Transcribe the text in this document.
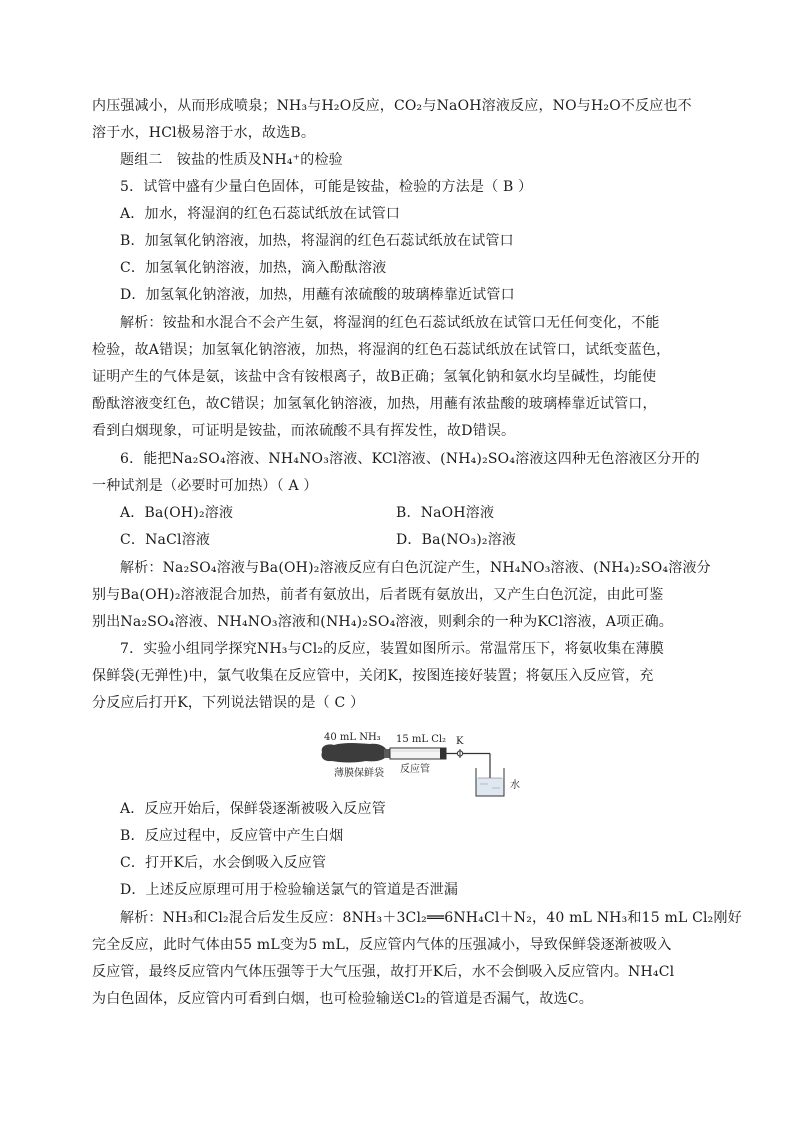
内压强减小，从而形成喷泉；NH₃与H₂O反应，CO₂与NaOH溶液反应，NO与H₂O不反应也不
溶于水，HCl极易溶于水，故选B。
题组二　铵盐的性质及NH₄⁺的检验
5．试管中盛有少量白色固体，可能是铵盐，检验的方法是（ B ）
A．加水，将湿润的红色石蕊试纸放在试管口
B．加氢氧化钠溶液，加热，将湿润的红色石蕊试纸放在试管口
C．加氢氧化钠溶液，加热，滴入酚酞溶液
D．加氢氧化钠溶液，加热，用蘸有浓硫酸的玻璃棒靠近试管口
解析：铵盐和水混合不会产生氨，将湿润的红色石蕊试纸放在试管口无任何变化，不能
检验，故A错误；加氢氧化钠溶液，加热，将湿润的红色石蕊试纸放在试管口，试纸变蓝色，
证明产生的气体是氨，该盐中含有铵根离子，故B正确；氢氧化钠和氨水均呈碱性，均能使
酚酞溶液变红色，故C错误；加氢氧化钠溶液，加热，用蘸有浓盐酸的玻璃棒靠近试管口，
看到白烟现象，可证明是铵盐，而浓硫酸不具有挥发性，故D错误。
6．能把Na₂SO₄溶液、NH₄NO₃溶液、KCl溶液、(NH₄)₂SO₄溶液这四种无色溶液区分开的
一种试剂是（必要时可加热）（ A ）
A．Ba(OH)₂溶液	B．NaOH溶液
C．NaCl溶液	D．Ba(NO₃)₂溶液
解析：Na₂SO₄溶液与Ba(OH)₂溶液反应有白色沉淀产生，NH₄NO₃溶液、(NH₄)₂SO₄溶液分
别与Ba(OH)₂溶液混合加热，前者有氨放出，后者既有氨放出，又产生白色沉淀，由此可鉴
别出Na₂SO₄溶液、NH₄NO₃溶液和(NH₄)₂SO₄溶液，则剩余的一种为KCl溶液，A项正确。
7．实验小组同学探究NH₃与Cl₂的反应，装置如图所示。常温常压下，将氨收集在薄膜
保鲜袋(无弹性)中，氯气收集在反应管中，关闭K，按图连接好装置；将氨压入反应管，充
分反应后打开K，下列说法错误的是（ C ）
40 mL NH₃ 15 mL Cl₂ K
薄膜保鲜袋 反应管
水
A．反应开始后，保鲜袋逐渐被吸入反应管
B．反应过程中，反应管中产生白烟
C．打开K后，水会倒吸入反应管
D．上述反应原理可用于检验输送氯气的管道是否泄漏
解析：NH₃和Cl₂混合后发生反应：8NH₃＋3Cl₂══6NH₄Cl＋N₂，40 mL NH₃和15 mL Cl₂刚好
完全反应，此时气体由55 mL变为5 mL，反应管内气体的压强减小，导致保鲜袋逐渐被吸入
反应管，最终反应管内气体压强等于大气压强，故打开K后，水不会倒吸入反应管内。NH₄Cl
为白色固体，反应管内可看到白烟，也可检验输送Cl₂的管道是否漏气，故选C。
